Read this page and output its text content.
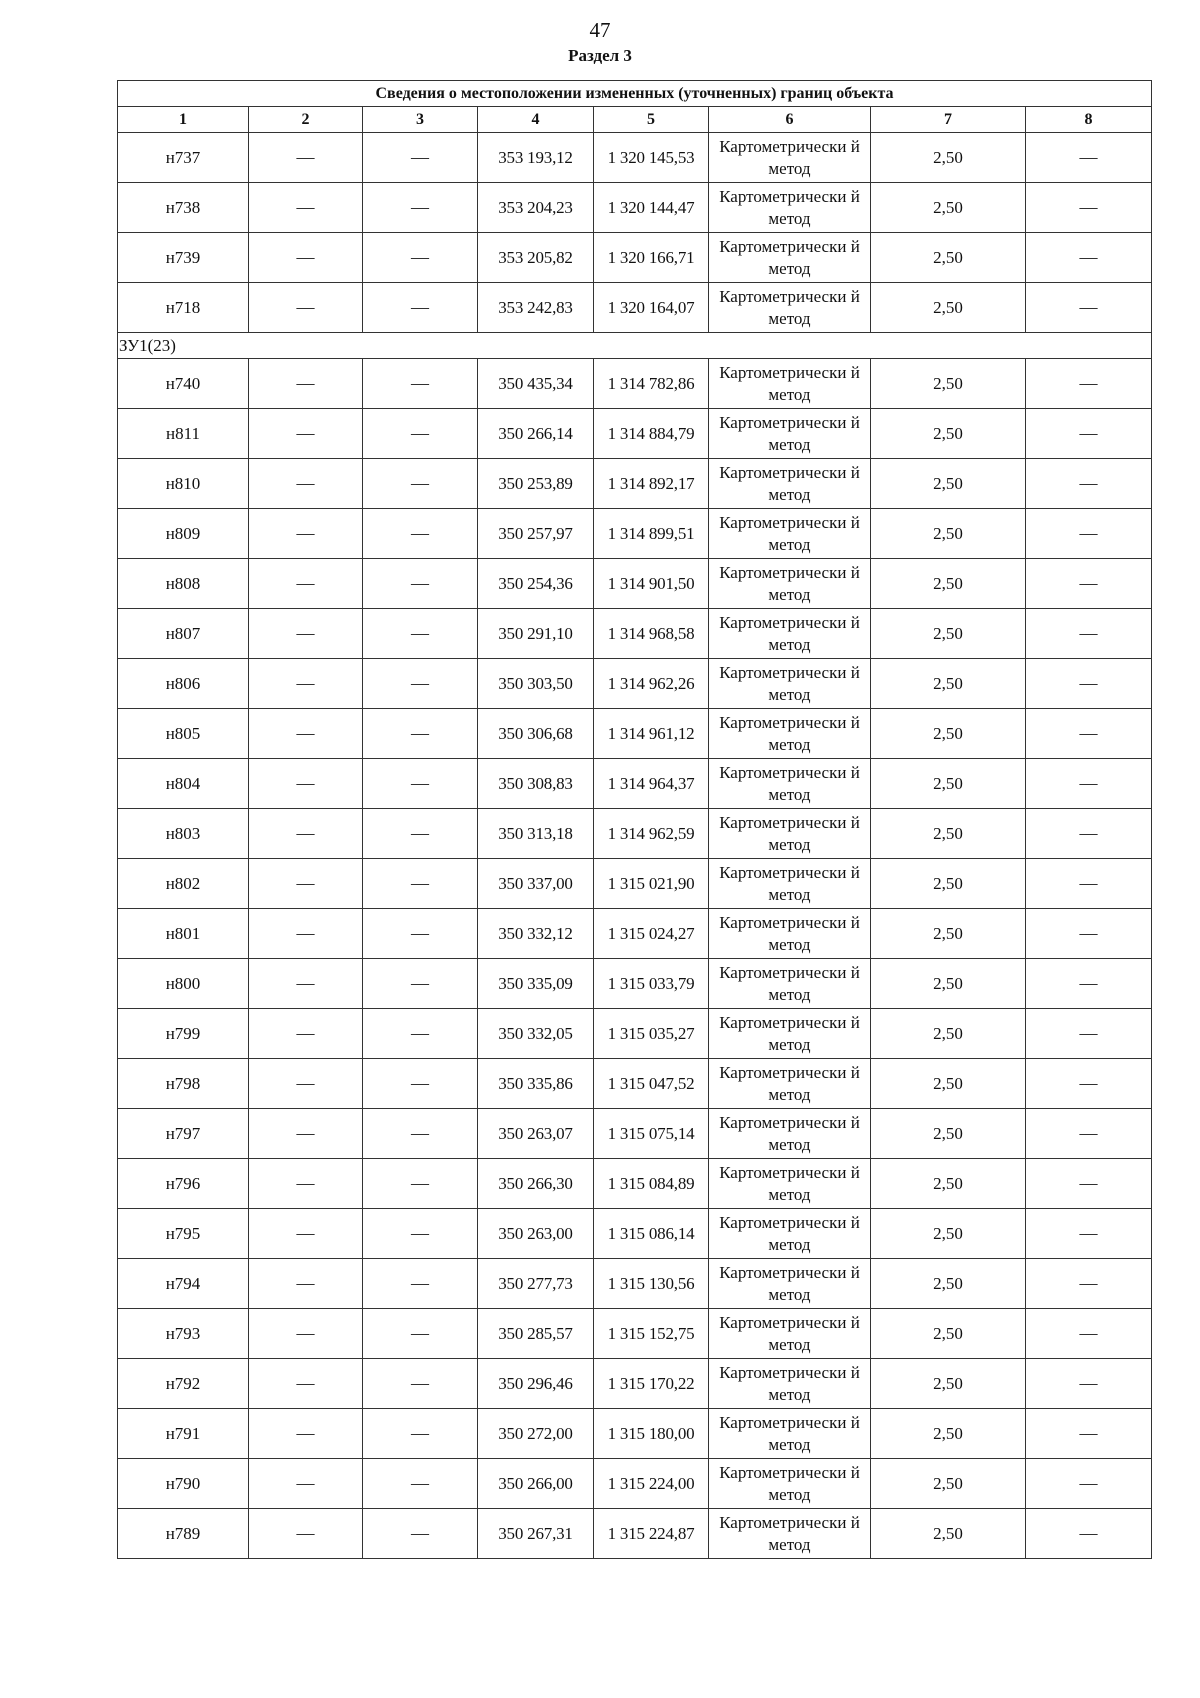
47
Раздел 3
Сведения о местоположении измененных (уточненных) границ объекта							
1	2	3	4	5	6	7	8
н737	—	—	353 193,12	1 320 145,53	Картометрически й метод	2,50	—
н738	—	—	353 204,23	1 320 144,47	Картометрически й метод	2,50	—
н739	—	—	353 205,82	1 320 166,71	Картометрически й метод	2,50	—
н718	—	—	353 242,83	1 320 164,07	Картометрически й метод	2,50	—
ЗУ1(23)							
н740	—	—	350 435,34	1 314 782,86	Картометрически й метод	2,50	—
н811	—	—	350 266,14	1 314 884,79	Картометрически й метод	2,50	—
н810	—	—	350 253,89	1 314 892,17	Картометрически й метод	2,50	—
н809	—	—	350 257,97	1 314 899,51	Картометрически й метод	2,50	—
н808	—	—	350 254,36	1 314 901,50	Картометрически й метод	2,50	—
н807	—	—	350 291,10	1 314 968,58	Картометрически й метод	2,50	—
н806	—	—	350 303,50	1 314 962,26	Картометрически й метод	2,50	—
н805	—	—	350 306,68	1 314 961,12	Картометрически й метод	2,50	—
н804	—	—	350 308,83	1 314 964,37	Картометрически й метод	2,50	—
н803	—	—	350 313,18	1 314 962,59	Картометрически й метод	2,50	—
н802	—	—	350 337,00	1 315 021,90	Картометрически й метод	2,50	—
н801	—	—	350 332,12	1 315 024,27	Картометрически й метод	2,50	—
н800	—	—	350 335,09	1 315 033,79	Картометрически й метод	2,50	—
н799	—	—	350 332,05	1 315 035,27	Картометрически й метод	2,50	—
н798	—	—	350 335,86	1 315 047,52	Картометрически й метод	2,50	—
н797	—	—	350 263,07	1 315 075,14	Картометрически й метод	2,50	—
н796	—	—	350 266,30	1 315 084,89	Картометрически й метод	2,50	—
н795	—	—	350 263,00	1 315 086,14	Картометрически й метод	2,50	—
н794	—	—	350 277,73	1 315 130,56	Картометрически й метод	2,50	—
н793	—	—	350 285,57	1 315 152,75	Картометрически й метод	2,50	—
н792	—	—	350 296,46	1 315 170,22	Картометрически й метод	2,50	—
н791	—	—	350 272,00	1 315 180,00	Картометрически й метод	2,50	—
н790	—	—	350 266,00	1 315 224,00	Картометрически й метод	2,50	—
н789	—	—	350 267,31	1 315 224,87	Картометрически й метод	2,50	—
